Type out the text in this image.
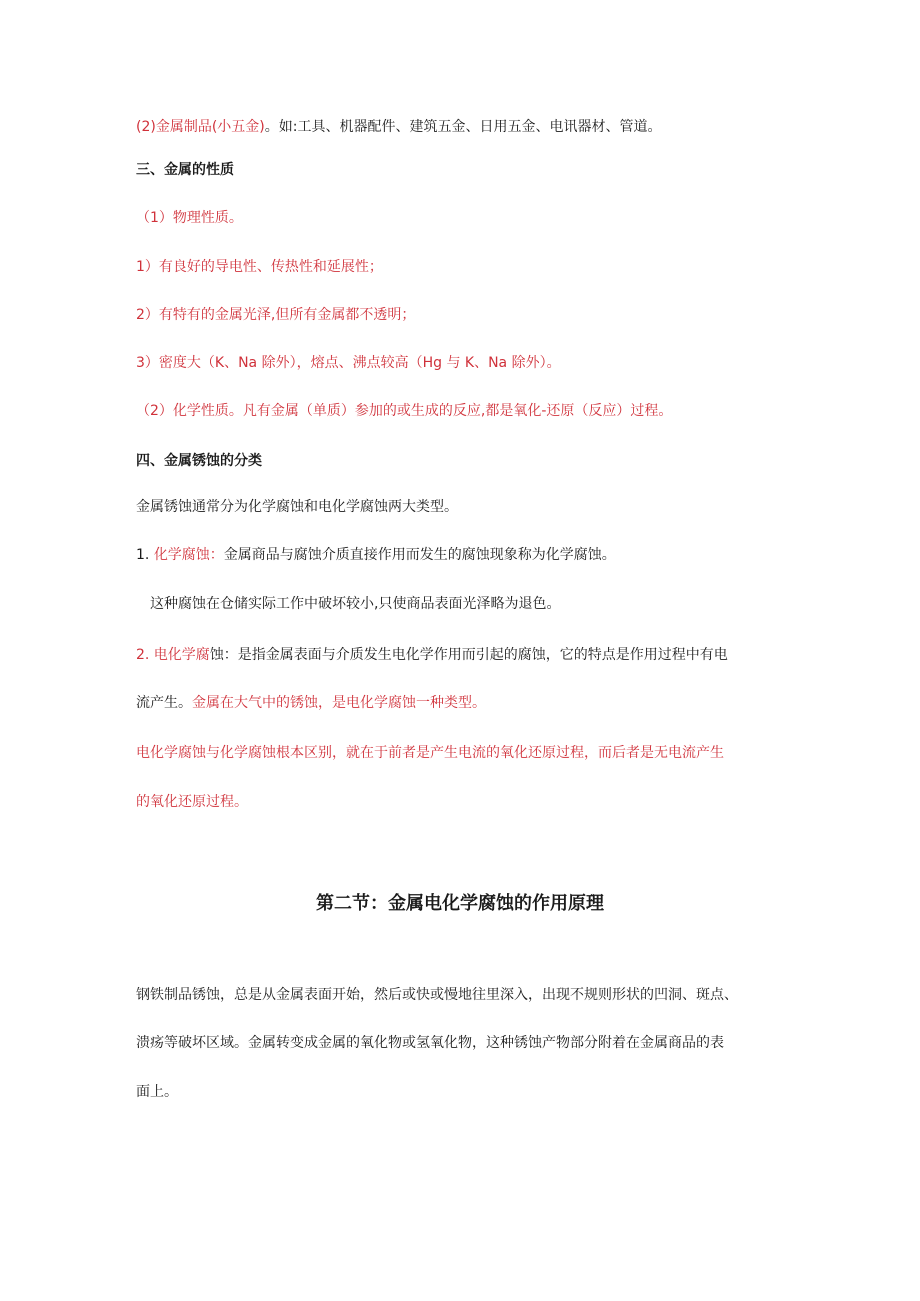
(2)金属制品(小五金)。如:工具、机器配件、建筑五金、日用五金、电讯器材、管道。

三、金属的性质

（1）物理性质。

1）有良好的导电性、传热性和延展性；

2）有特有的金属光泽,但所有金属都不透明；

3）密度大（K、Na 除外），熔点、沸点较高（Hg 与 K、Na 除外）。

（2）化学性质。凡有金属（单质）参加的或生成的反应,都是氧化-还原（反应）过程。

四、金属锈蚀的分类

金属锈蚀通常分为化学腐蚀和电化学腐蚀两大类型。

1. 化学腐蚀：金属商品与腐蚀介质直接作用而发生的腐蚀现象称为化学腐蚀。

这种腐蚀在仓储实际工作中破坏较小,只使商品表面光泽略为退色。

2. 电化学腐蚀：是指金属表面与介质发生电化学作用而引起的腐蚀，它的特点是作用过程中有电

流产生。金属在大气中的锈蚀，是电化学腐蚀一种类型。

电化学腐蚀与化学腐蚀根本区别，就在于前者是产生电流的氧化还原过程，而后者是无电流产生

的氧化还原过程。

第二节：金属电化学腐蚀的作用原理

钢铁制品锈蚀，总是从金属表面开始，然后或快或慢地往里深入，出现不规则形状的凹洞、斑点、

溃疡等破坏区域。金属转变成金属的氧化物或氢氧化物，这种锈蚀产物部分附着在金属商品的表

面上。
